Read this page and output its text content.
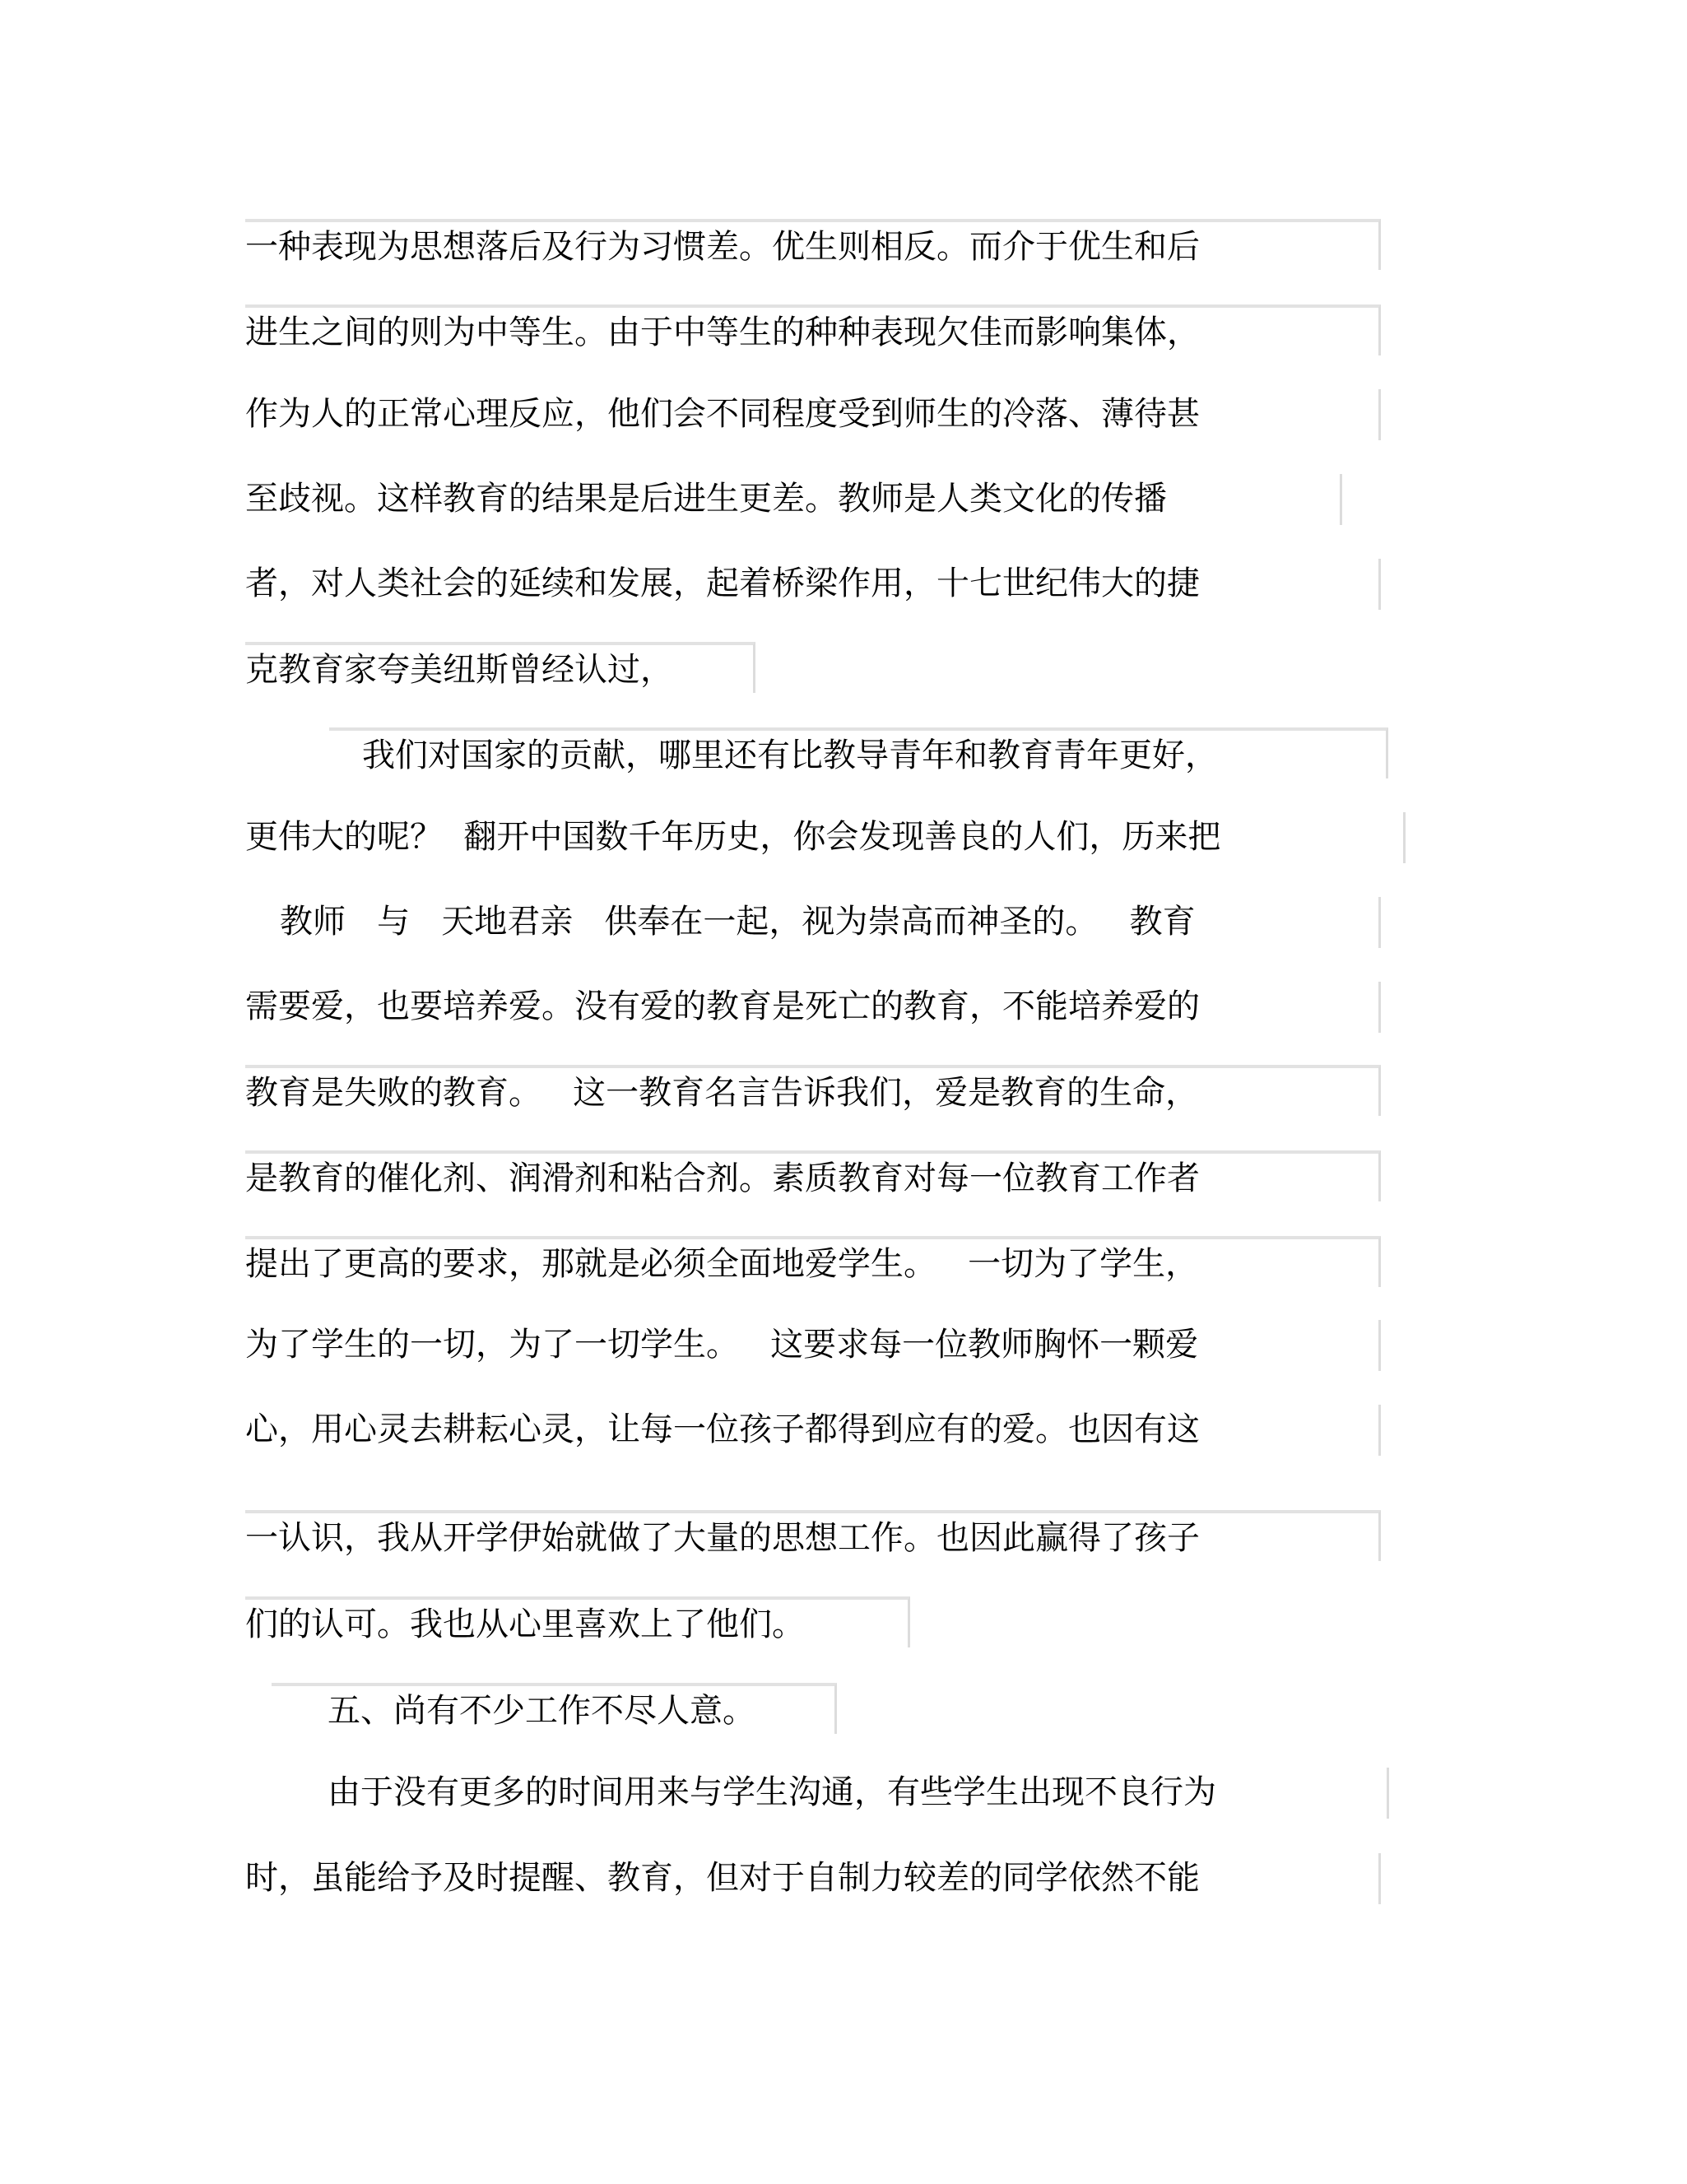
一种表现为思想落后及行为习惯差。优生则相反。而介于优生和后
进生之间的则为中等生。由于中等生的种种表现欠佳而影响集体，
作为人的正常心理反应，他们会不同程度受到师生的冷落、薄待甚
至歧视。这样教育的结果是后进生更差。教师是人类文化的传播
者，对人类社会的延续和发展，起着桥梁作用，十七世纪伟大的捷
克教育家夸美纽斯曾经认过，
我们对国家的贡献，哪里还有比教导青年和教育青年更好，
更伟大的呢？  翻开中国数千年历史，你会发现善良的人们，历来把
教师   与   天地君亲   供奉在一起，视为崇高而神圣的。   教育
需要爱，也要培养爱。没有爱的教育是死亡的教育，不能培养爱的
教育是失败的教育。   这一教育名言告诉我们，爱是教育的生命，
是教育的催化剂、润滑剂和粘合剂。素质教育对每一位教育工作者
提出了更高的要求，那就是必须全面地爱学生。   一切为了学生，
为了学生的一切，为了一切学生。   这要求每一位教师胸怀一颗爱
心，用心灵去耕耘心灵，让每一位孩子都得到应有的爱。也因有这
一认识，我从开学伊始就做了大量的思想工作。也因此赢得了孩子
们的认可。我也从心里喜欢上了他们。
五、尚有不少工作不尽人意。
由于没有更多的时间用来与学生沟通，有些学生出现不良行为
时，虽能给予及时提醒、教育，但对于自制力较差的同学依然不能
